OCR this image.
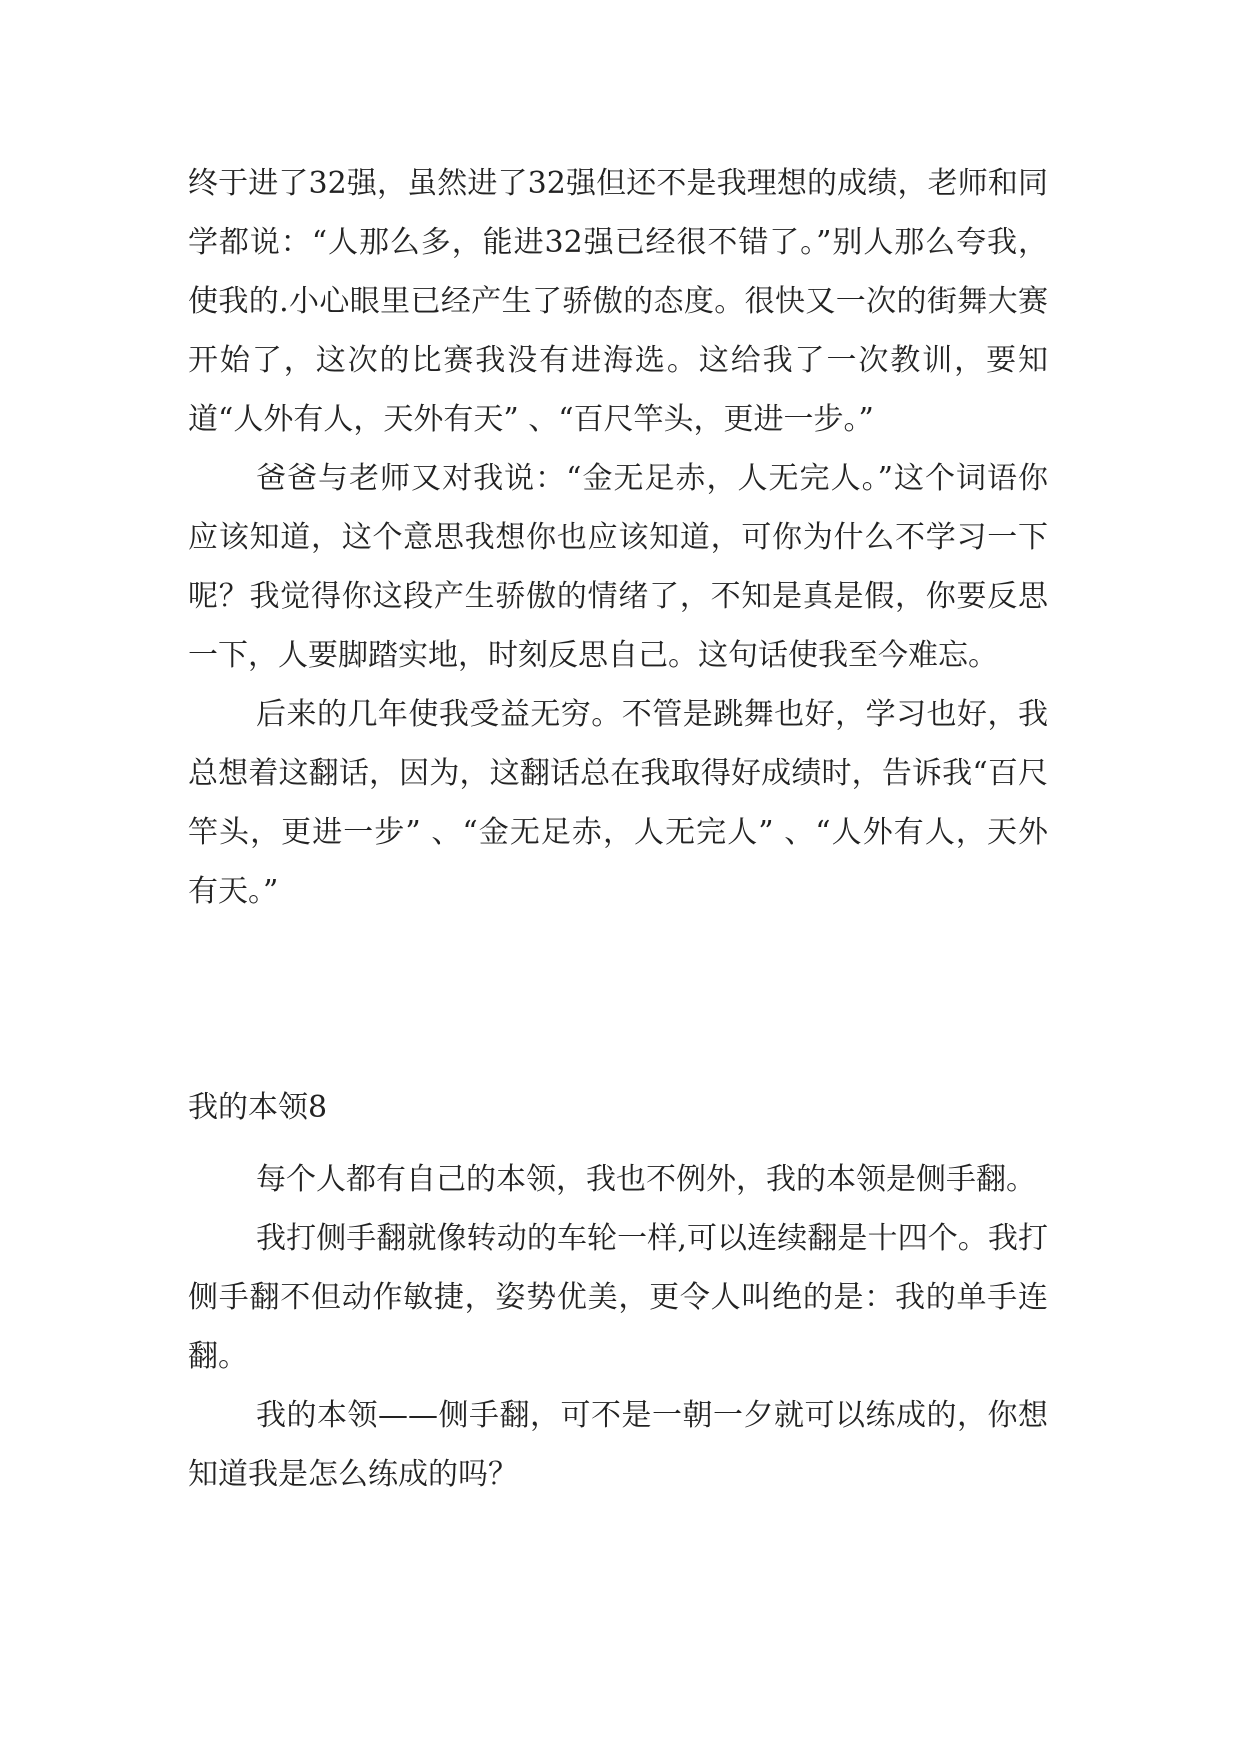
终于进了32强，虽然进了32强但还不是我理想的成绩，老师和同学都说：“人那么多，能进32强已经很不错了。”别人那么夸我，使我的.小心眼里已经产生了骄傲的态度。很快又一次的街舞大赛开始了，这次的比赛我没有进海选。这给我了一次教训，要知道“人外有人，天外有天” 、“百尺竿头，更进一步。”

爸爸与老师又对我说：“金无足赤，人无完人。”这个词语你应该知道，这个意思我想你也应该知道，可你为什么不学习一下呢？我觉得你这段产生骄傲的情绪了，不知是真是假，你要反思一下，人要脚踏实地，时刻反思自己。这句话使我至今难忘。

后来的几年使我受益无穷。不管是跳舞也好，学习也好，我总想着这翻话，因为，这翻话总在我取得好成绩时，告诉我“百尺竿头，更进一步” 、“金无足赤，人无完人” 、“人外有人，天外有天。”

我的本领8

每个人都有自己的本领，我也不例外，我的本领是侧手翻。

我打侧手翻就像转动的车轮一样,可以连续翻是十四个。我打侧手翻不但动作敏捷，姿势优美，更令人叫绝的是：我的单手连翻。

我的本领——侧手翻，可不是一朝一夕就可以练成的，你想知道我是怎么练成的吗？
